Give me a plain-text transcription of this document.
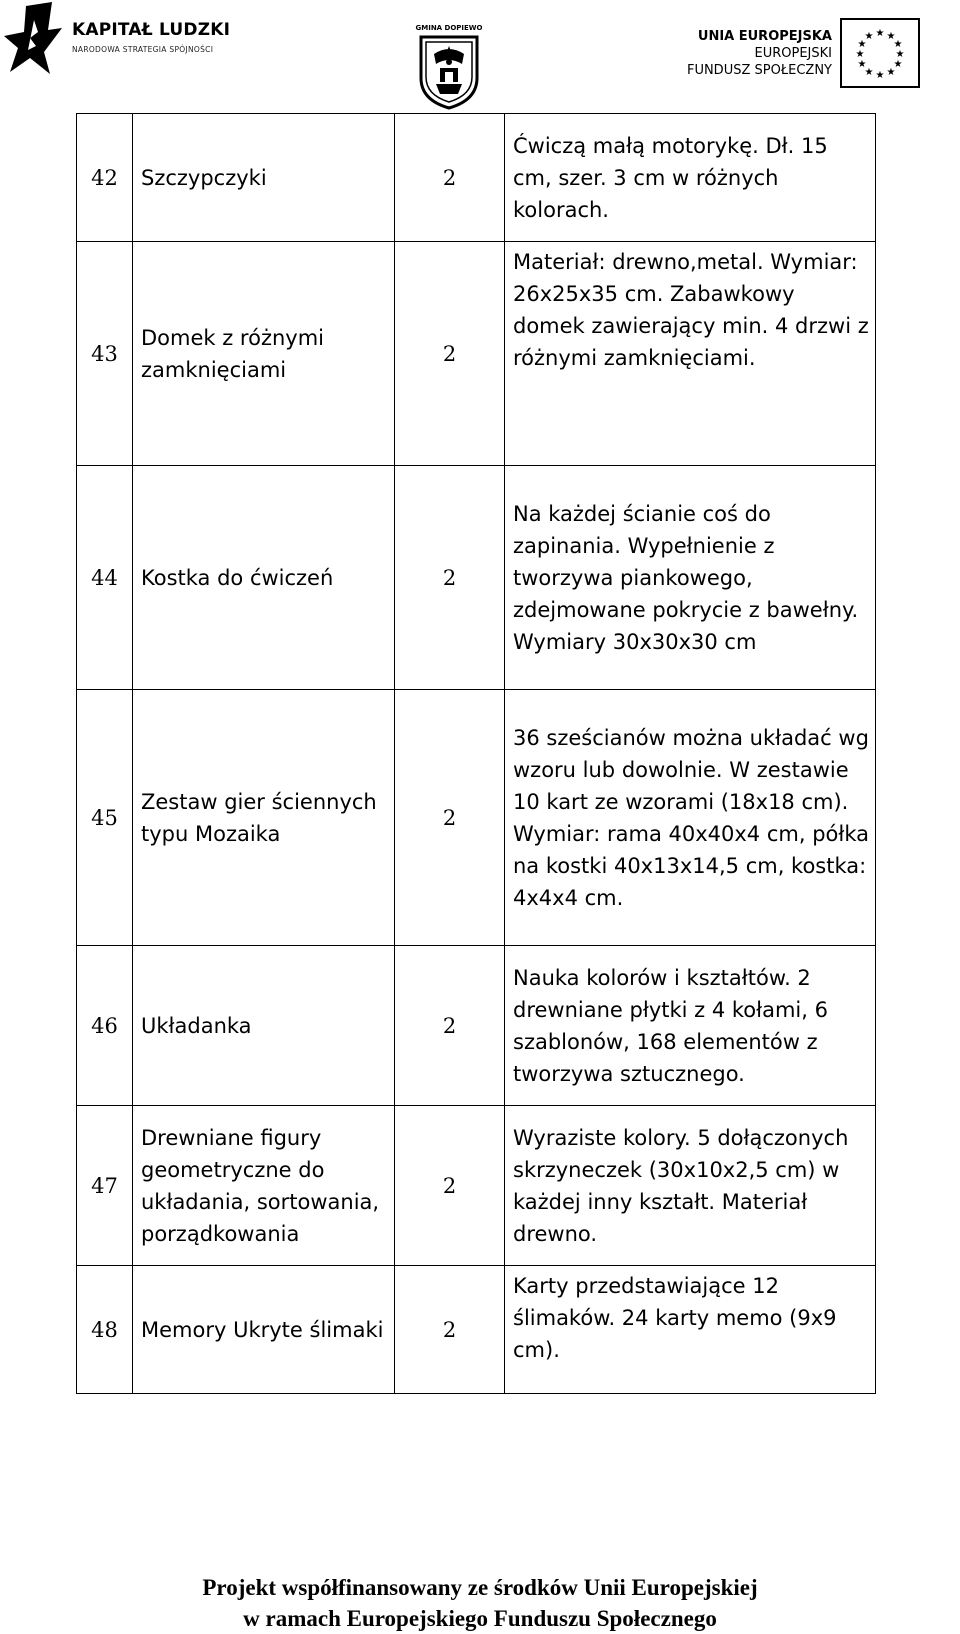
KAPITAŁ LUDZKI
NARODOWA STRATEGIA SPÓJNOŚCI
GMINA DOPIEWO
UNIA EUROPEJSKA
EUROPEJSKI
FUNDUSZ SPOŁECZNY
★ ★
★
★
★
★
★
★
★
★
★
★
42	Szczypczyki	2	Ćwiczą małą motorykę. Dł. 15 cm, szer. 3 cm w różnych kolorach.
43	Domek z różnymi zamknięciami	2	Materiał: drewno,metal. Wymiar: 26x25x35 cm. Zabawkowy domek zawierający min. 4 drzwi z różnymi zamknięciami.
44	Kostka do ćwiczeń	2	Na każdej ścianie coś do zapinania. Wypełnienie z tworzywa piankowego, zdejmowane pokrycie z bawełny. Wymiary 30x30x30 cm
45	Zestaw gier ściennych typu Mozaika	2	36 sześcianów można układać wg wzoru lub dowolnie. W zestawie 10 kart ze wzorami (18x18 cm). Wymiar: rama 40x40x4 cm, półka na kostki 40x13x14,5 cm, kostka: 4x4x4 cm.
46	Układanka	2	Nauka kolorów i kształtów. 2 drewniane płytki z 4 kołami, 6 szablonów, 168 elementów z tworzywa sztucznego.
47	Drewniane figury geometryczne do układania, sortowania, porządkowania	2	Wyraziste kolory. 5 dołączonych skrzyneczek (30x10x2,5 cm) w każdej inny kształt. Materiał drewno.
48	Memory Ukryte ślimaki	2	Karty przedstawiające 12 ślimaków. 24 karty memo (9x9 cm).
Projekt współfinansowany ze środków Unii Europejskiej
w ramach Europejskiego Funduszu Społecznego
